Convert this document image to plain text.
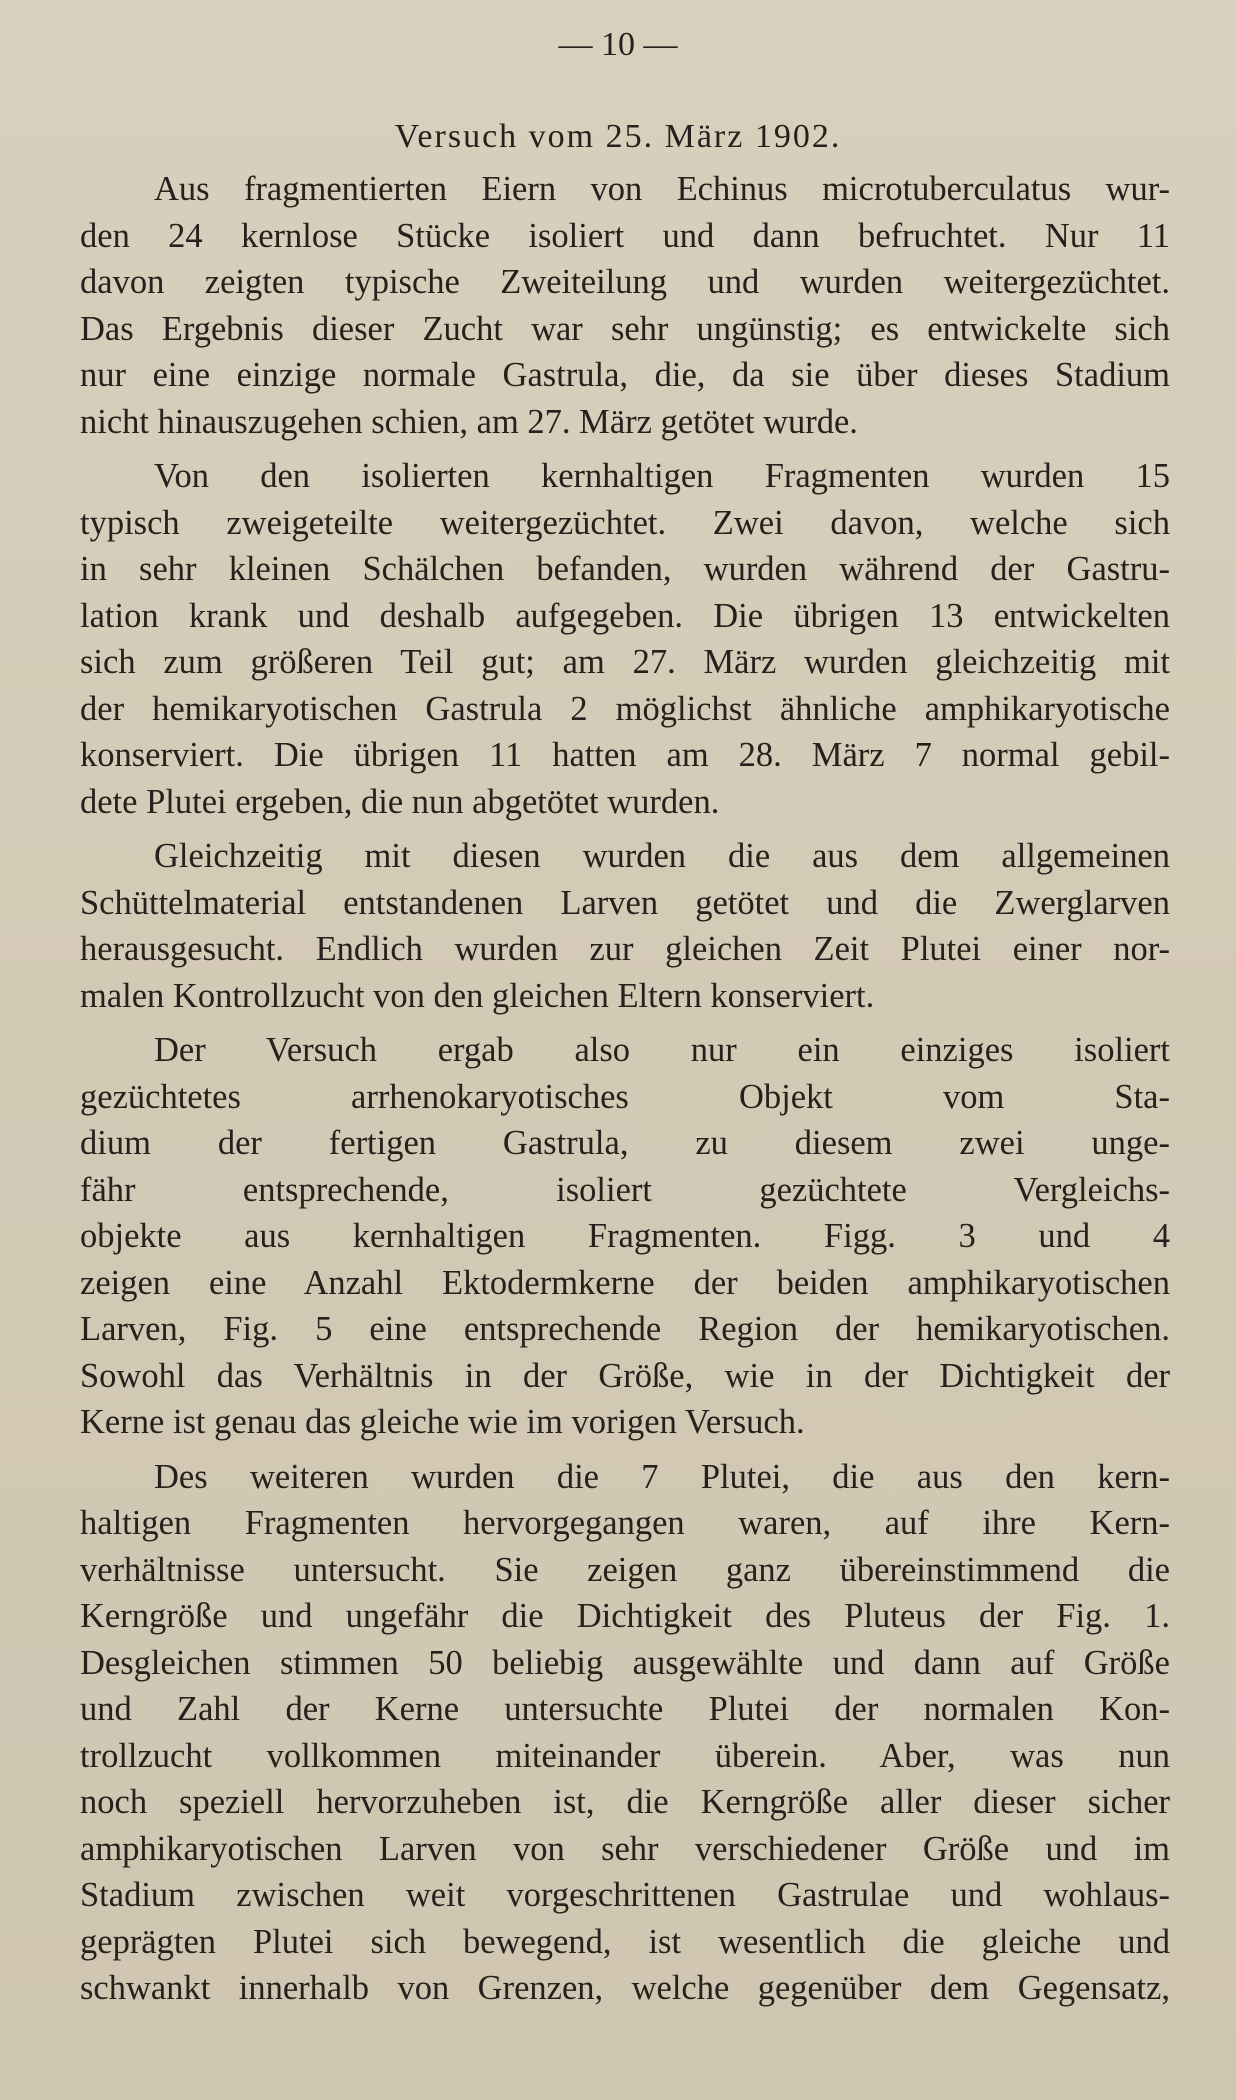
— 10 —
Versuch vom 25. März 1902.
Aus fragmentierten Eiern von Echinus microtuberculatus wur-
den 24 kernlose Stücke isoliert und dann befruchtet. Nur 11
davon zeigten typische Zweiteilung und wurden weitergezüchtet.
Das Ergebnis dieser Zucht war sehr ungünstig; es entwickelte sich
nur eine einzige normale Gastrula, die, da sie über dieses Stadium
nicht hinauszugehen schien, am 27. März getötet wurde.
Von den isolierten kernhaltigen Fragmenten wurden 15
typisch zweigeteilte weitergezüchtet. Zwei davon, welche sich
in sehr kleinen Schälchen befanden, wurden während der Gastru-
lation krank und deshalb aufgegeben. Die übrigen 13 entwickelten
sich zum größeren Teil gut; am 27. März wurden gleichzeitig mit
der hemikaryotischen Gastrula 2 möglichst ähnliche amphikaryotische
konserviert. Die übrigen 11 hatten am 28. März 7 normal gebil-
dete Plutei ergeben, die nun abgetötet wurden.
Gleichzeitig mit diesen wurden die aus dem allgemeinen
Schüttelmaterial entstandenen Larven getötet und die Zwerglarven
herausgesucht. Endlich wurden zur gleichen Zeit Plutei einer nor-
malen Kontrollzucht von den gleichen Eltern konserviert.
Der Versuch ergab also nur ein einziges isoliert
gezüchtetes arrhenokaryotisches Objekt vom Sta-
dium der fertigen Gastrula, zu diesem zwei unge-
fähr entsprechende, isoliert gezüchtete Vergleichs-
objekte aus kernhaltigen Fragmenten. Figg. 3 und 4
zeigen eine Anzahl Ektodermkerne der beiden amphikaryotischen
Larven, Fig. 5 eine entsprechende Region der hemikaryotischen.
Sowohl das Verhältnis in der Größe, wie in der Dichtigkeit der
Kerne ist genau das gleiche wie im vorigen Versuch.
Des weiteren wurden die 7 Plutei, die aus den kern-
haltigen Fragmenten hervorgegangen waren, auf ihre Kern-
verhältnisse untersucht. Sie zeigen ganz übereinstimmend die
Kerngröße und ungefähr die Dichtigkeit des Pluteus der Fig. 1.
Desgleichen stimmen 50 beliebig ausgewählte und dann auf Größe
und Zahl der Kerne untersuchte Plutei der normalen Kon-
trollzucht vollkommen miteinander überein. Aber, was nun
noch speziell hervorzuheben ist, die Kerngröße aller dieser sicher
amphikaryotischen Larven von sehr verschiedener Größe und im
Stadium zwischen weit vorgeschrittenen Gastrulae und wohlaus-
geprägten Plutei sich bewegend, ist wesentlich die gleiche und
schwankt innerhalb von Grenzen, welche gegenüber dem Gegensatz,
